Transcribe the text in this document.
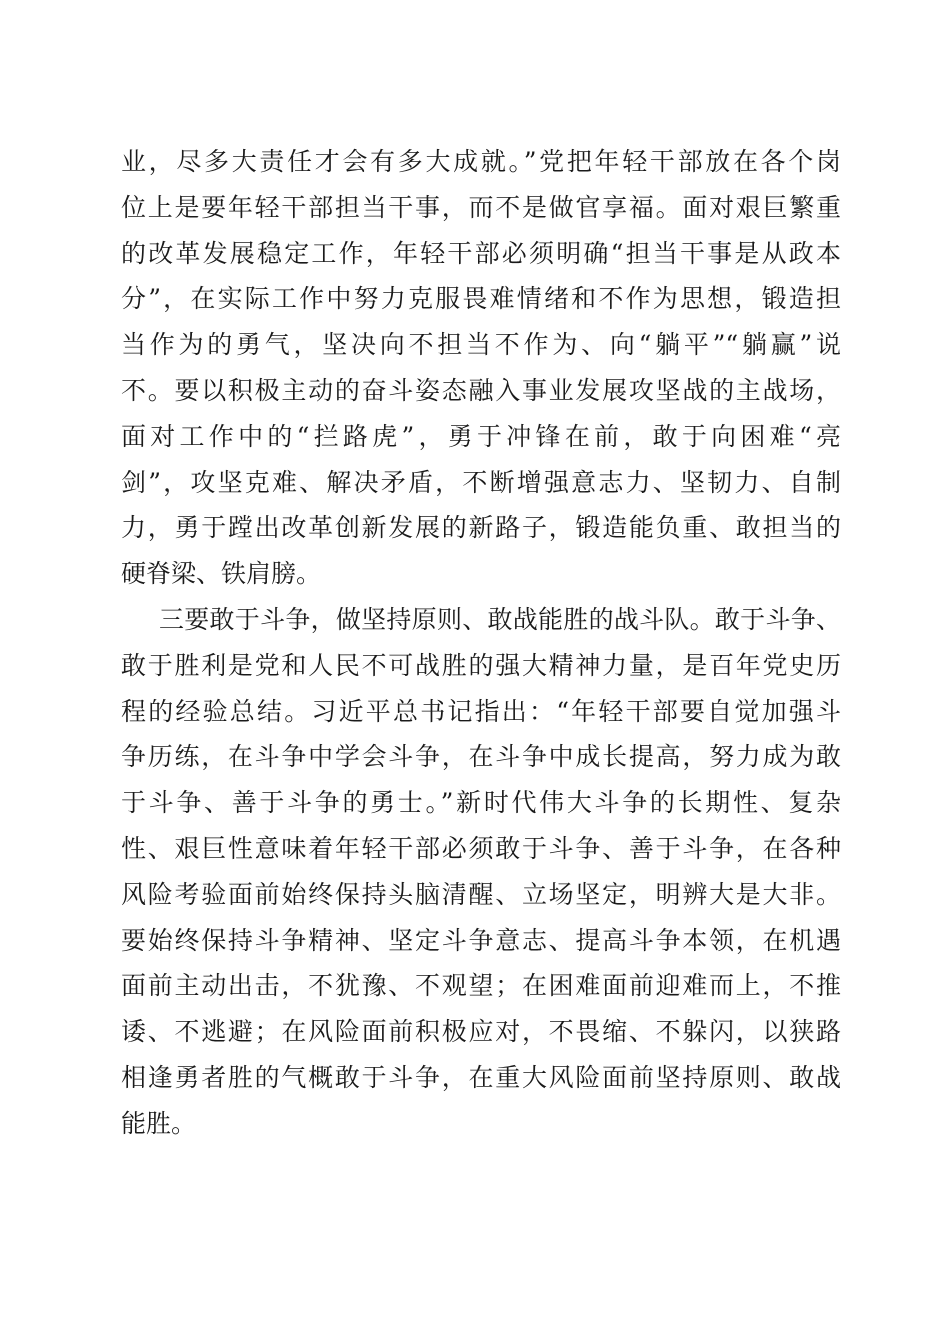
业，尽多大责任才会有多大成就。”党把年轻干部放在各个岗
位上是要年轻干部担当干事，而不是做官享福。面对艰巨繁重
的改革发展稳定工作，年轻干部必须明确“担当干事是从政本
分”，在实际工作中努力克服畏难情绪和不作为思想，锻造担
当作为的勇气，坚决向不担当不作为、向“躺平”“躺赢”说
不。要以积极主动的奋斗姿态融入事业发展攻坚战的主战场，
面对工作中的“拦路虎”，勇于冲锋在前，敢于向困难“亮
剑”，攻坚克难、解决矛盾，不断增强意志力、坚韧力、自制
力，勇于蹚出改革创新发展的新路子，锻造能负重、敢担当的
硬脊梁、铁肩膀。
三要敢于斗争，做坚持原则、敢战能胜的战斗队。敢于斗争、
敢于胜利是党和人民不可战胜的强大精神力量，是百年党史历
程的经验总结。习近平总书记指出：“年轻干部要自觉加强斗
争历练，在斗争中学会斗争，在斗争中成长提高，努力成为敢
于斗争、善于斗争的勇士。”新时代伟大斗争的长期性、复杂
性、艰巨性意味着年轻干部必须敢于斗争、善于斗争，在各种
风险考验面前始终保持头脑清醒、立场坚定，明辨大是大非。
要始终保持斗争精神、坚定斗争意志、提高斗争本领，在机遇
面前主动出击，不犹豫、不观望；在困难面前迎难而上，不推
诿、不逃避；在风险面前积极应对，不畏缩、不躲闪，以狭路
相逢勇者胜的气概敢于斗争，在重大风险面前坚持原则、敢战
能胜。
